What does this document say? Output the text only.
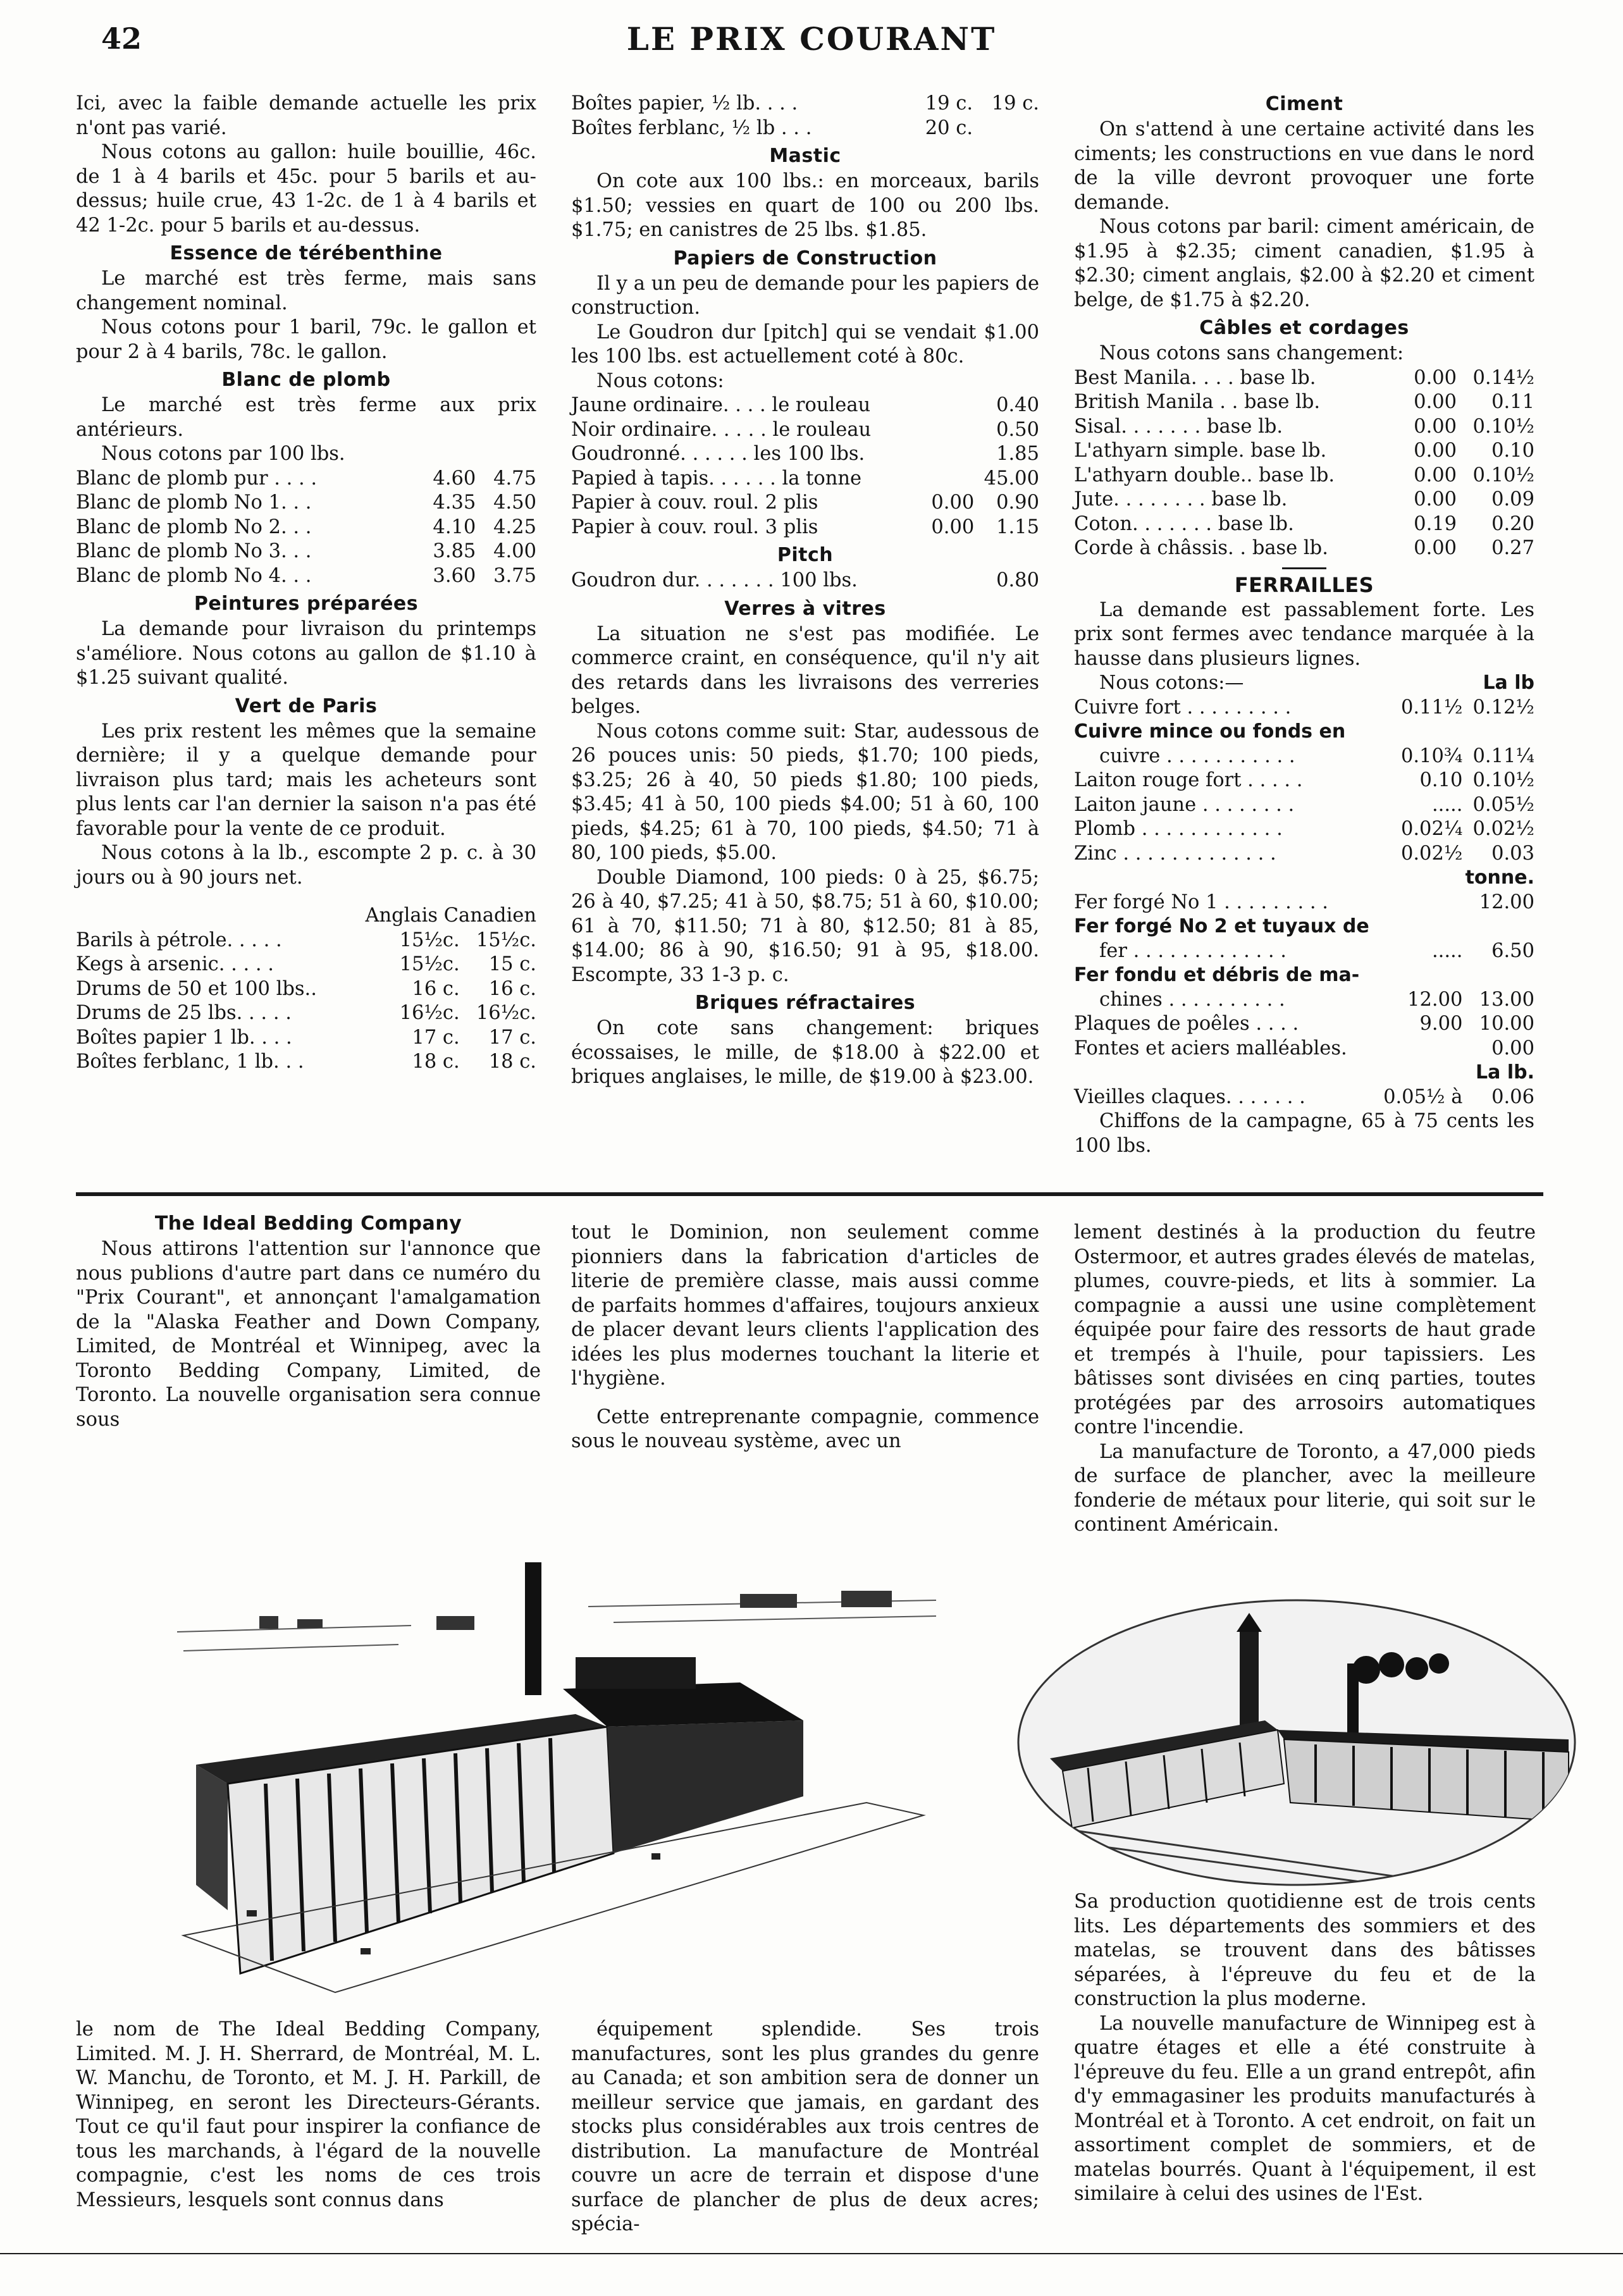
42	LE PRIX COURANT

Ici, avec la faible demande actuelle les prix n'ont pas varié.

Nous cotons au gallon: huile bouillie, 46c. de 1 à 4 barils et 45c. pour 5 barils et au-dessus; huile crue, 43 1-2c. de 1 à 4 barils et 42 1-2c. pour 5 barils et au-dessus.

Essence de térébenthine

Le marché est très ferme, mais sans changement nominal.

Nous cotons pour 1 baril, 79c. le gallon et pour 2 à 4 barils, 78c. le gallon.

Blanc de plomb

Le marché est très ferme aux prix antérieurs.

Nous cotons par 100 lbs.

Blanc de plomb pur . . . .	4.60	4.75
Blanc de plomb No 1. . .	4.35	4.50
Blanc de plomb No 2. . .	4.10	4.25
Blanc de plomb No 3. . .	3.85	4.00
Blanc de plomb No 4. . .	3.60	3.75
Peintures préparées

La demande pour livraison du printemps s'améliore. Nous cotons au gallon de $1.10 à $1.25 suivant qualité.

Vert de Paris

Les prix restent les mêmes que la semaine dernière; il y a quelque demande pour livraison plus tard; mais les acheteurs sont plus lents car l'an dernier la saison n'a pas été favorable pour la vente de ce produit.

Nous cotons à la lb., escompte 2 p. c. à 30 jours ou à 90 jours net.

Anglais Canadien
Barils à pétrole. . . . .	15½c.	15½c.
Kegs à arsenic. . . . .	15½c.	15 c.
Drums de 50 et 100 lbs..	16 c.	16 c.
Drums de 25 lbs. . . . .	16½c.	16½c.
Boîtes papier 1 lb. . . .	17 c.	17 c.
Boîtes ferblanc, 1 lb. . .	18 c.	18 c.
Boîtes papier, ½ lb. . . .	19 c.	19 c.
Boîtes ferblanc, ½ lb . . .	20 c.	
Mastic

On cote aux 100 lbs.: en morceaux, barils $1.50; vessies en quart de 100 ou 200 lbs. $1.75; en canistres de 25 lbs. $1.85.

Papiers de Construction

Il y a un peu de demande pour les papiers de construction.

Le Goudron dur [pitch] qui se vendait $1.00 les 100 lbs. est actuellement coté à 80c.

Nous cotons:

Jaune ordinaire. . . . le rouleau		0.40
Noir ordinaire. . . . . le rouleau		0.50
Goudronné. . . . . . les 100 lbs.		1.85
Papied à tapis. . . . . . la tonne		45.00
Papier à couv. roul. 2 plis	0.00	0.90
Papier à couv. roul. 3 plis	0.00	1.15
Pitch
Goudron dur. . . . . . . 100 lbs.	0.80
Verres à vitres

La situation ne s'est pas modifiée. Le commerce craint, en conséquence, qu'il n'y ait des retards dans les livraisons des verreries belges.

Nous cotons comme suit: Star, audessous de 26 pouces unis: 50 pieds, $1.70; 100 pieds, $3.25; 26 à 40, 50 pieds $1.80; 100 pieds, $3.45; 41 à 50, 100 pieds $4.00; 51 à 60, 100 pieds, $4.25; 61 à 70, 100 pieds, $4.50; 71 à 80, 100 pieds, $5.00.

Double Diamond, 100 pieds: 0 à 25, $6.75; 26 à 40, $7.25; 41 à 50, $8.75; 51 à 60, $10.00; 61 à 70, $11.50; 71 à 80, $12.50; 81 à 85, $14.00; 86 à 90, $16.50; 91 à 95, $18.00. Escompte, 33 1-3 p. c.

Briques réfractaires

On cote sans changement: briques écossaises, le mille, de $18.00 à $22.00 et briques anglaises, le mille, de $19.00 à $23.00.

Ciment

On s'attend à une certaine activité dans les ciments; les constructions en vue dans le nord de la ville devront provoquer une forte demande.

Nous cotons par baril: ciment américain, de $1.95 à $2.35; ciment canadien, $1.95 à $2.30; ciment anglais, $2.00 à $2.20 et ciment belge, de $1.75 à $2.20.

Câbles et cordages

Nous cotons sans changement:

Best Manila. . . . base lb.	0.00	0.14½
British Manila . . base lb.	0.00	0.11
Sisal. . . . . . . base lb.	0.00	0.10½
L'athyarn simple. base lb.	0.00	0.10
L'athyarn double.. base lb.	0.00	0.10½
Jute. . . . . . . . base lb.	0.00	0.09
Coton. . . . . . . base lb.	0.19	0.20
Corde à châssis. . base lb.	0.00	0.27
FERRAILLES

La demande est passablement forte. Les prix sont fermes avec tendance marquée à la hausse dans plusieurs lignes.

Nous cotons:—		La lb
Cuivre fort . . . . . . . . .	0.11½	0.12½
Cuivre mince ou fonds en		
cuivre . . . . . . . . . . .	0.10¾	0.11¼
Laiton rouge fort . . . . .	0.10	0.10½
Laiton jaune . . . . . . . .	.....	0.05½
Plomb . . . . . . . . . . . .	0.02¼	0.02½
Zinc . . . . . . . . . . . . .	0.02½	0.03
		tonne.
Fer forgé No 1 . . . . . . . . .		12.00
Fer forgé No 2 et tuyaux de		
fer . . . . . . . . . . . . .	.....	6.50
Fer fondu et débris de ma-		
chines . . . . . . . . . .	12.00	13.00
Plaques de poêles . . . .	9.00	10.00
Fontes et aciers malléables.		0.00
		La lb.
Vieilles claques. . . . . . .	0.05½ à	0.06

Chiffons de la campagne, 65 à 75 cents les 100 lbs.

The Ideal Bedding Company

Nous attirons l'attention sur l'annonce que nous publions d'autre part dans ce numéro du "Prix Courant", et annonçant l'amalgamation de la "Alaska Feather and Down Company, Limited, de Montréal et Winnipeg, avec la Toronto Bedding Company, Limited, de Toronto. La nouvelle organisation sera connue sous

tout le Dominion, non seulement comme pionniers dans la fabrication d'articles de literie de première classe, mais aussi comme de parfaits hommes d'affaires, toujours anxieux de placer devant leurs clients l'application des idées les plus modernes touchant la literie et l'hygiène.

Cette entreprenante compagnie, commence sous le nouveau système, avec un

lement destinés à la production du feutre Ostermoor, et autres grades élevés de matelas, plumes, couvre-pieds, et lits à sommier. La compagnie a aussi une usine complètement équipée pour faire des ressorts de haut grade et trempés à l'huile, pour tapissiers. Les bâtisses sont divisées en cinq parties, toutes protégées par des arrosoirs automatiques contre l'incendie.

La manufacture de Toronto, a 47,000 pieds de surface de plancher, avec la meilleure fonderie de métaux pour literie, qui soit sur le continent Américain.

Sa production quotidienne est de trois cents lits. Les départements des sommiers et des matelas, se trouvent dans des bâtisses séparées, à l'épreuve du feu et de la construction la plus moderne.

La nouvelle manufacture de Winnipeg est à quatre étages et elle a été construite à l'épreuve du feu. Elle a un grand entrepôt, afin d'y emmagasiner les produits manufacturés à Montréal et à Toronto. A cet endroit, on fait un assortiment complet de sommiers, et de matelas bourrés. Quant à l'équipement, il est similaire à celui des usines de l'Est.

le nom de The Ideal Bedding Company, Limited. M. J. H. Sherrard, de Montréal, M. L. W. Manchu, de Toronto, et M. J. H. Parkill, de Winnipeg, en seront les Directeurs-Gérants. Tout ce qu'il faut pour inspirer la confiance de tous les marchands, à l'égard de la nouvelle compagnie, c'est les noms de ces trois Messieurs, lesquels sont connus dans

équipement splendide. Ses trois manufactures, sont les plus grandes du genre au Canada; et son ambition sera de donner un meilleur service que jamais, en gardant des stocks plus considérables aux trois centres de distribution. La manufacture de Montréal couvre un acre de terrain et dispose d'une surface de plancher de plus de deux acres; spécia-
